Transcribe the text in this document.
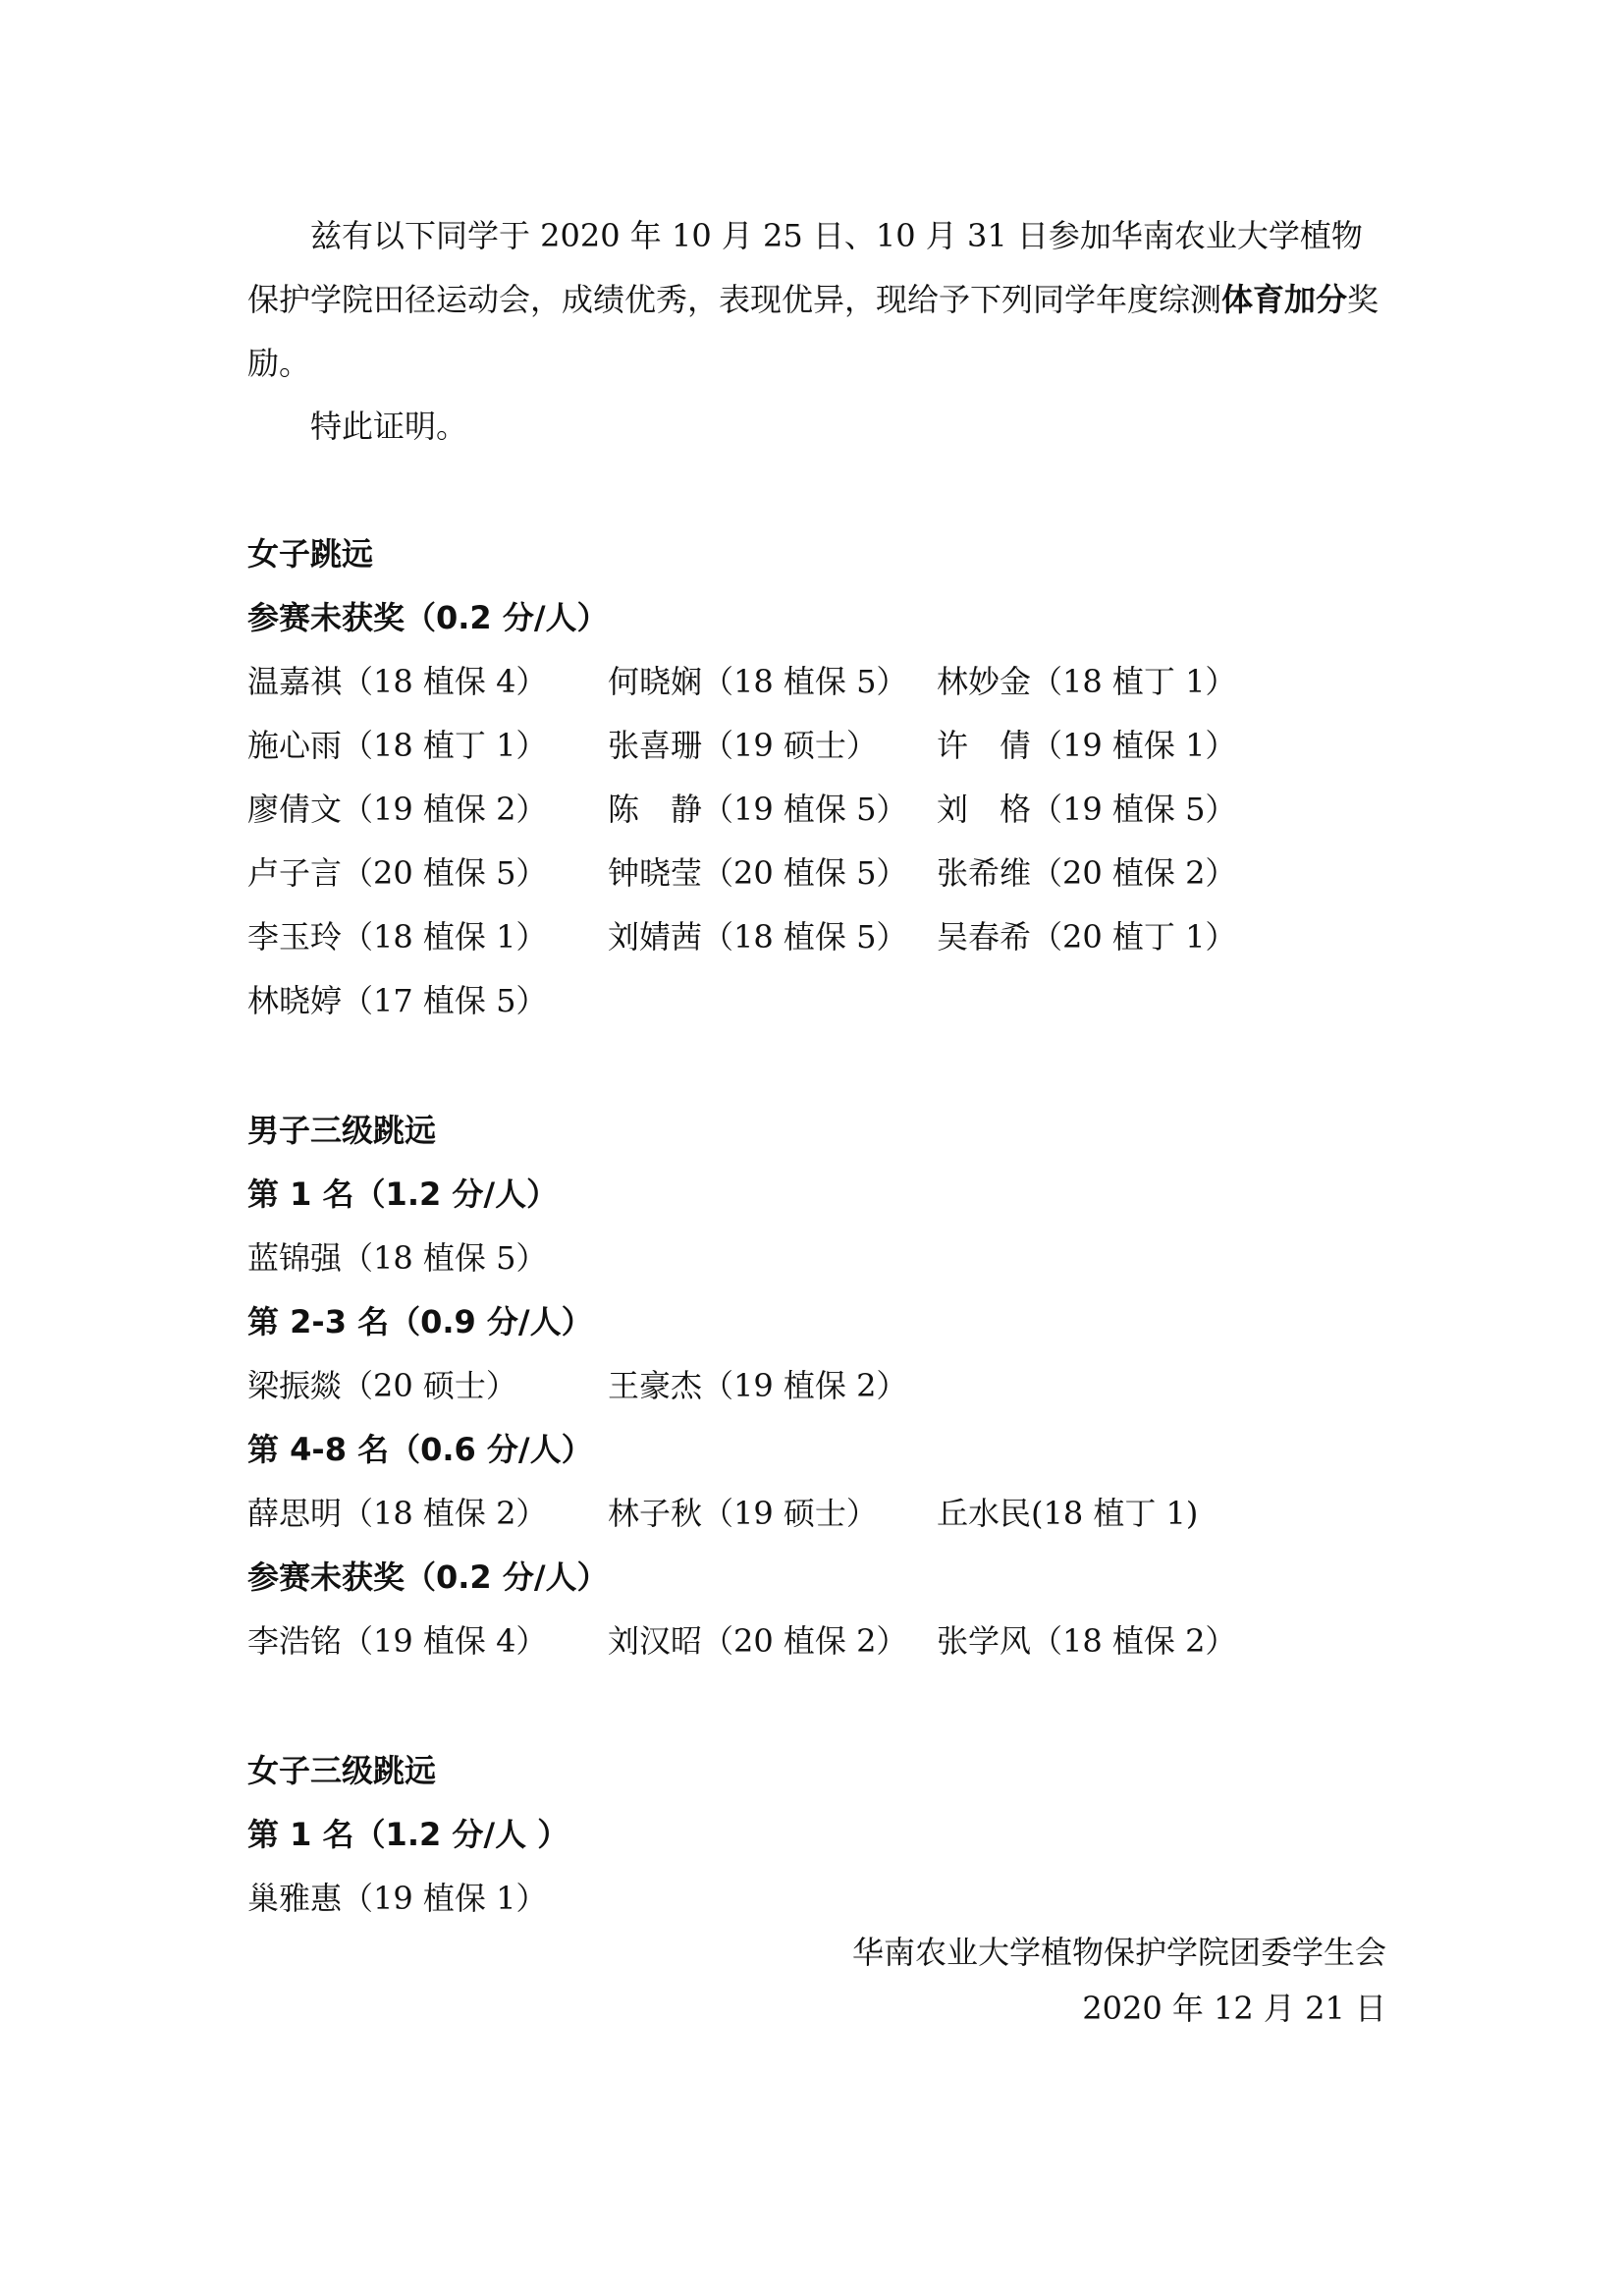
兹有以下同学于 2020 年 10 月 25 日、10 月 31 日参加华南农业大学植物保护学院田径运动会，成绩优秀，表现优异，现给予下列同学年度综测体育加分奖励。

特此证明。
女子跳远
参赛未获奖（0.2 分/人）
温嘉祺（18 植保 4） 何晓娴（18 植保 5） 林妙金（18 植丁 1）
施心雨（18 植丁 1） 张喜珊（19 硕士） 许　倩（19 植保 1）
廖倩文（19 植保 2） 陈　静（19 植保 5） 刘　格（19 植保 5）
卢子言（20 植保 5） 钟晓莹（20 植保 5） 张希维（20 植保 2）
李玉玲（18 植保 1） 刘婧茜（18 植保 5） 吴春希（20 植丁 1）
林晓婷（17 植保 5）
男子三级跳远
第 1 名（1.2 分/人）
蓝锦强（18 植保 5）
第 2-3 名（0.9 分/人）
梁振燚（20 硕士）	王豪杰（19 植保 2）
第 4-8 名（0.6 分/人）
薛思明（18 植保 2） 林子秋（19 硕士） 丘水民(18 植丁 1)
参赛未获奖（0.2 分/人）
李浩铭（19 植保 4） 刘汉昭（20 植保 2） 张学风（18 植保 2）
女子三级跳远
第 1 名（1.2 分/人 ）
巢雅惠（19 植保 1）
华南农业大学植物保护学院团委学生会
2020 年 12 月 21 日
